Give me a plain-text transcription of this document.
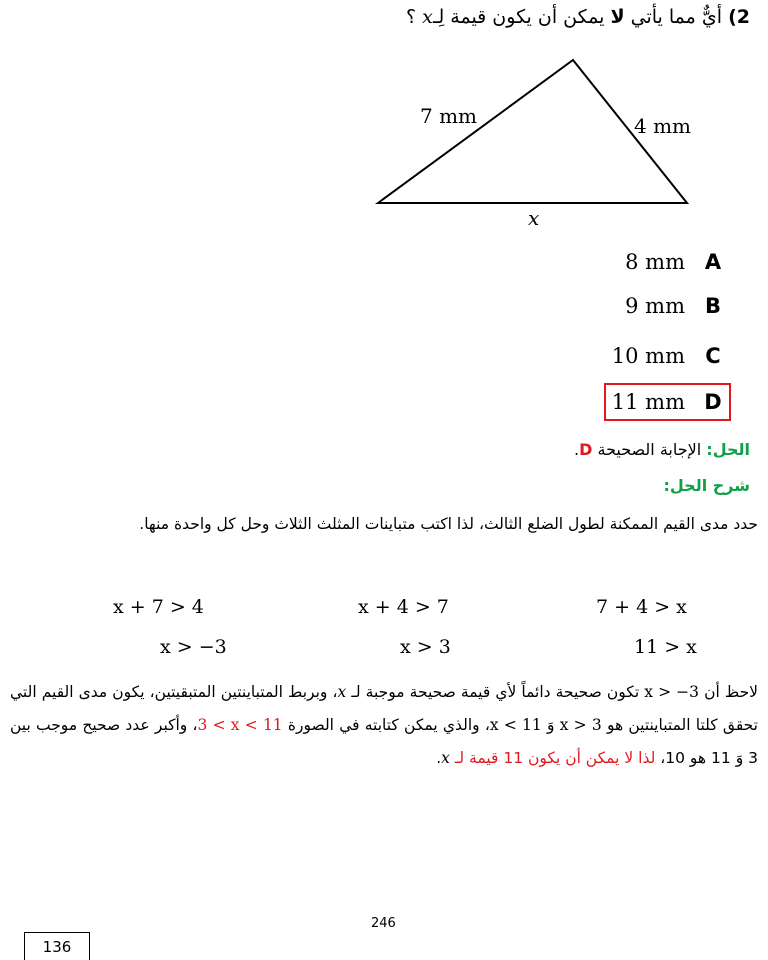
2) أيٌّ مما يأتي لا يمكن أن يكون قيمة لِـx ؟
7 mm	4 mm
x
8 mm A
9 mm B
10 mm C
11 mm D
الحل: الإجابة الصحيحة D.
شرح الحل:
حدد مدى القيم الممكنة لطول الضلع الثالث، لذا اكتب متباينات المثلث الثلاث وحل كل واحدة منها.
x + 7 > 4	x + 4 > 7	7 + 4 > x
x > −3	x > 3	11 > x
لاحظ أن x > −3 تكون صحيحة دائماً لأي قيمة صحيحة موجبة لـ x، وبربط المتباينتين المتبقيتين، يكون مدى القيم التي تحقق كلتا المتباينتين هو x > 3 وَ x < 11، والذي يمكن كتابته في الصورة 3 < x < 11، وأكبر عدد صحيح موجب بين 3 وَ 11 هو 10، لذا لا يمكن أن يكون 11 قيمة لـ x.
246
136
